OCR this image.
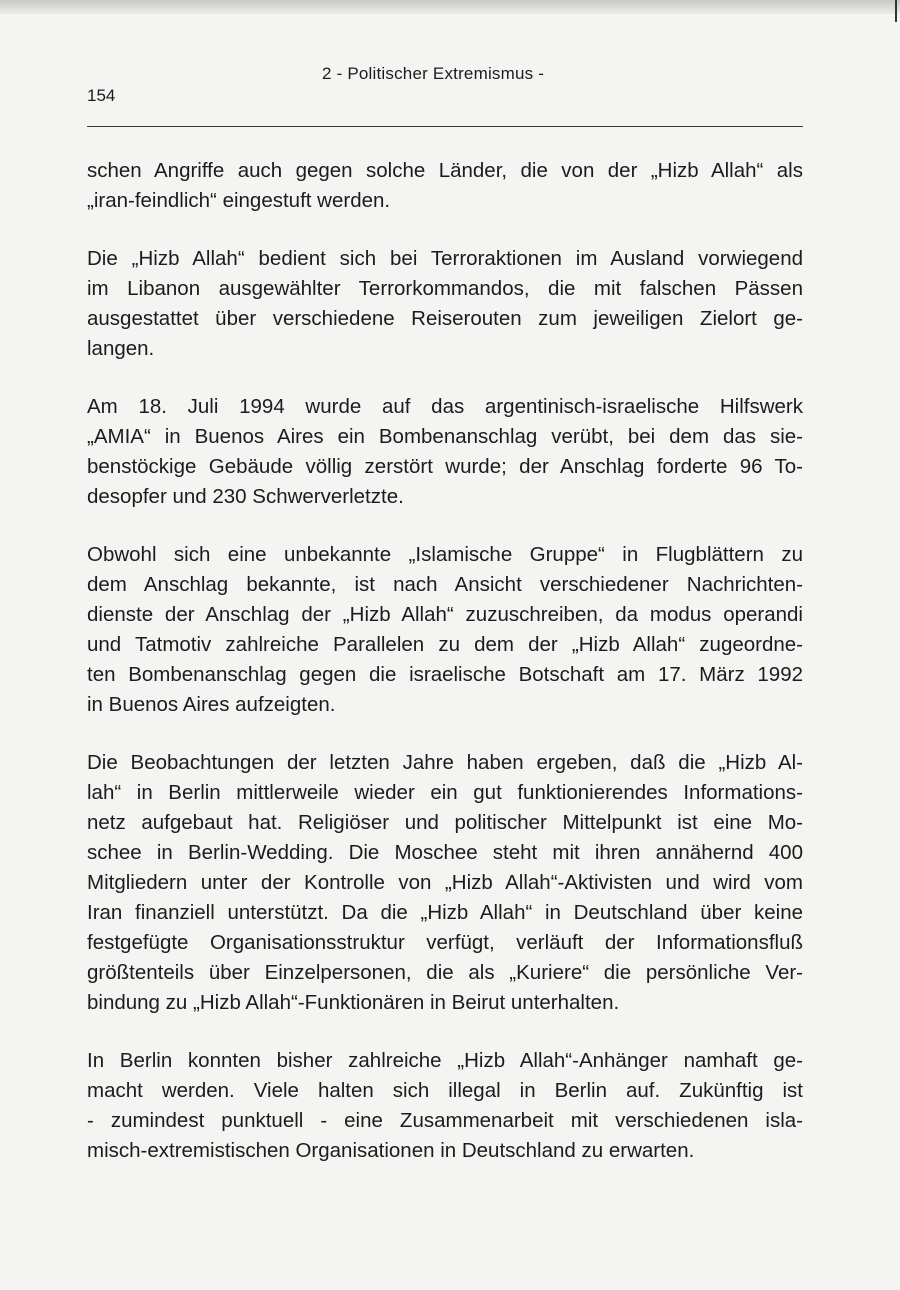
2 - Politischer Extremismus -
154

schen Angriffe auch gegen solche Länder, die von der „Hizb Allah“ als
„iran-feindlich“ eingestuft werden.

Die „Hizb Allah“ bedient sich bei Terroraktionen im Ausland vorwiegend
im Libanon ausgewählter Terrorkommandos, die mit falschen Pässen
ausgestattet über verschiedene Reiserouten zum jeweiligen Zielort ge-
langen.

Am 18. Juli 1994 wurde auf das argentinisch-israelische Hilfswerk
„AMIA“ in Buenos Aires ein Bombenanschlag verübt, bei dem das sie-
benstöckige Gebäude völlig zerstört wurde; der Anschlag forderte 96 To-
desopfer und 230 Schwerverletzte.

Obwohl sich eine unbekannte „Islamische Gruppe“ in Flugblättern zu
dem Anschlag bekannte, ist nach Ansicht verschiedener Nachrichten-
dienste der Anschlag der „Hizb Allah“ zuzuschreiben, da modus operandi
und Tatmotiv zahlreiche Parallelen zu dem der „Hizb Allah“ zugeordne-
ten Bombenanschlag gegen die israelische Botschaft am 17. März 1992
in Buenos Aires aufzeigten.

Die Beobachtungen der letzten Jahre haben ergeben, daß die „Hizb Al-
lah“ in Berlin mittlerweile wieder ein gut funktionierendes Informations-
netz aufgebaut hat. Religiöser und politischer Mittelpunkt ist eine Mo-
schee in Berlin-Wedding. Die Moschee steht mit ihren annähernd 400
Mitgliedern unter der Kontrolle von „Hizb Allah“-Aktivisten und wird vom
Iran finanziell unterstützt. Da die „Hizb Allah“ in Deutschland über keine
festgefügte Organisationsstruktur verfügt, verläuft der Informationsfluß
größtenteils über Einzelpersonen, die als „Kuriere“ die persönliche Ver-
bindung zu „Hizb Allah“-Funktionären in Beirut unterhalten.

In Berlin konnten bisher zahlreiche „Hizb Allah“-Anhänger namhaft ge-
macht werden. Viele halten sich illegal in Berlin auf. Zukünftig ist
- zumindest punktuell - eine Zusammenarbeit mit verschiedenen isla-
misch-extremistischen Organisationen in Deutschland zu erwarten.
